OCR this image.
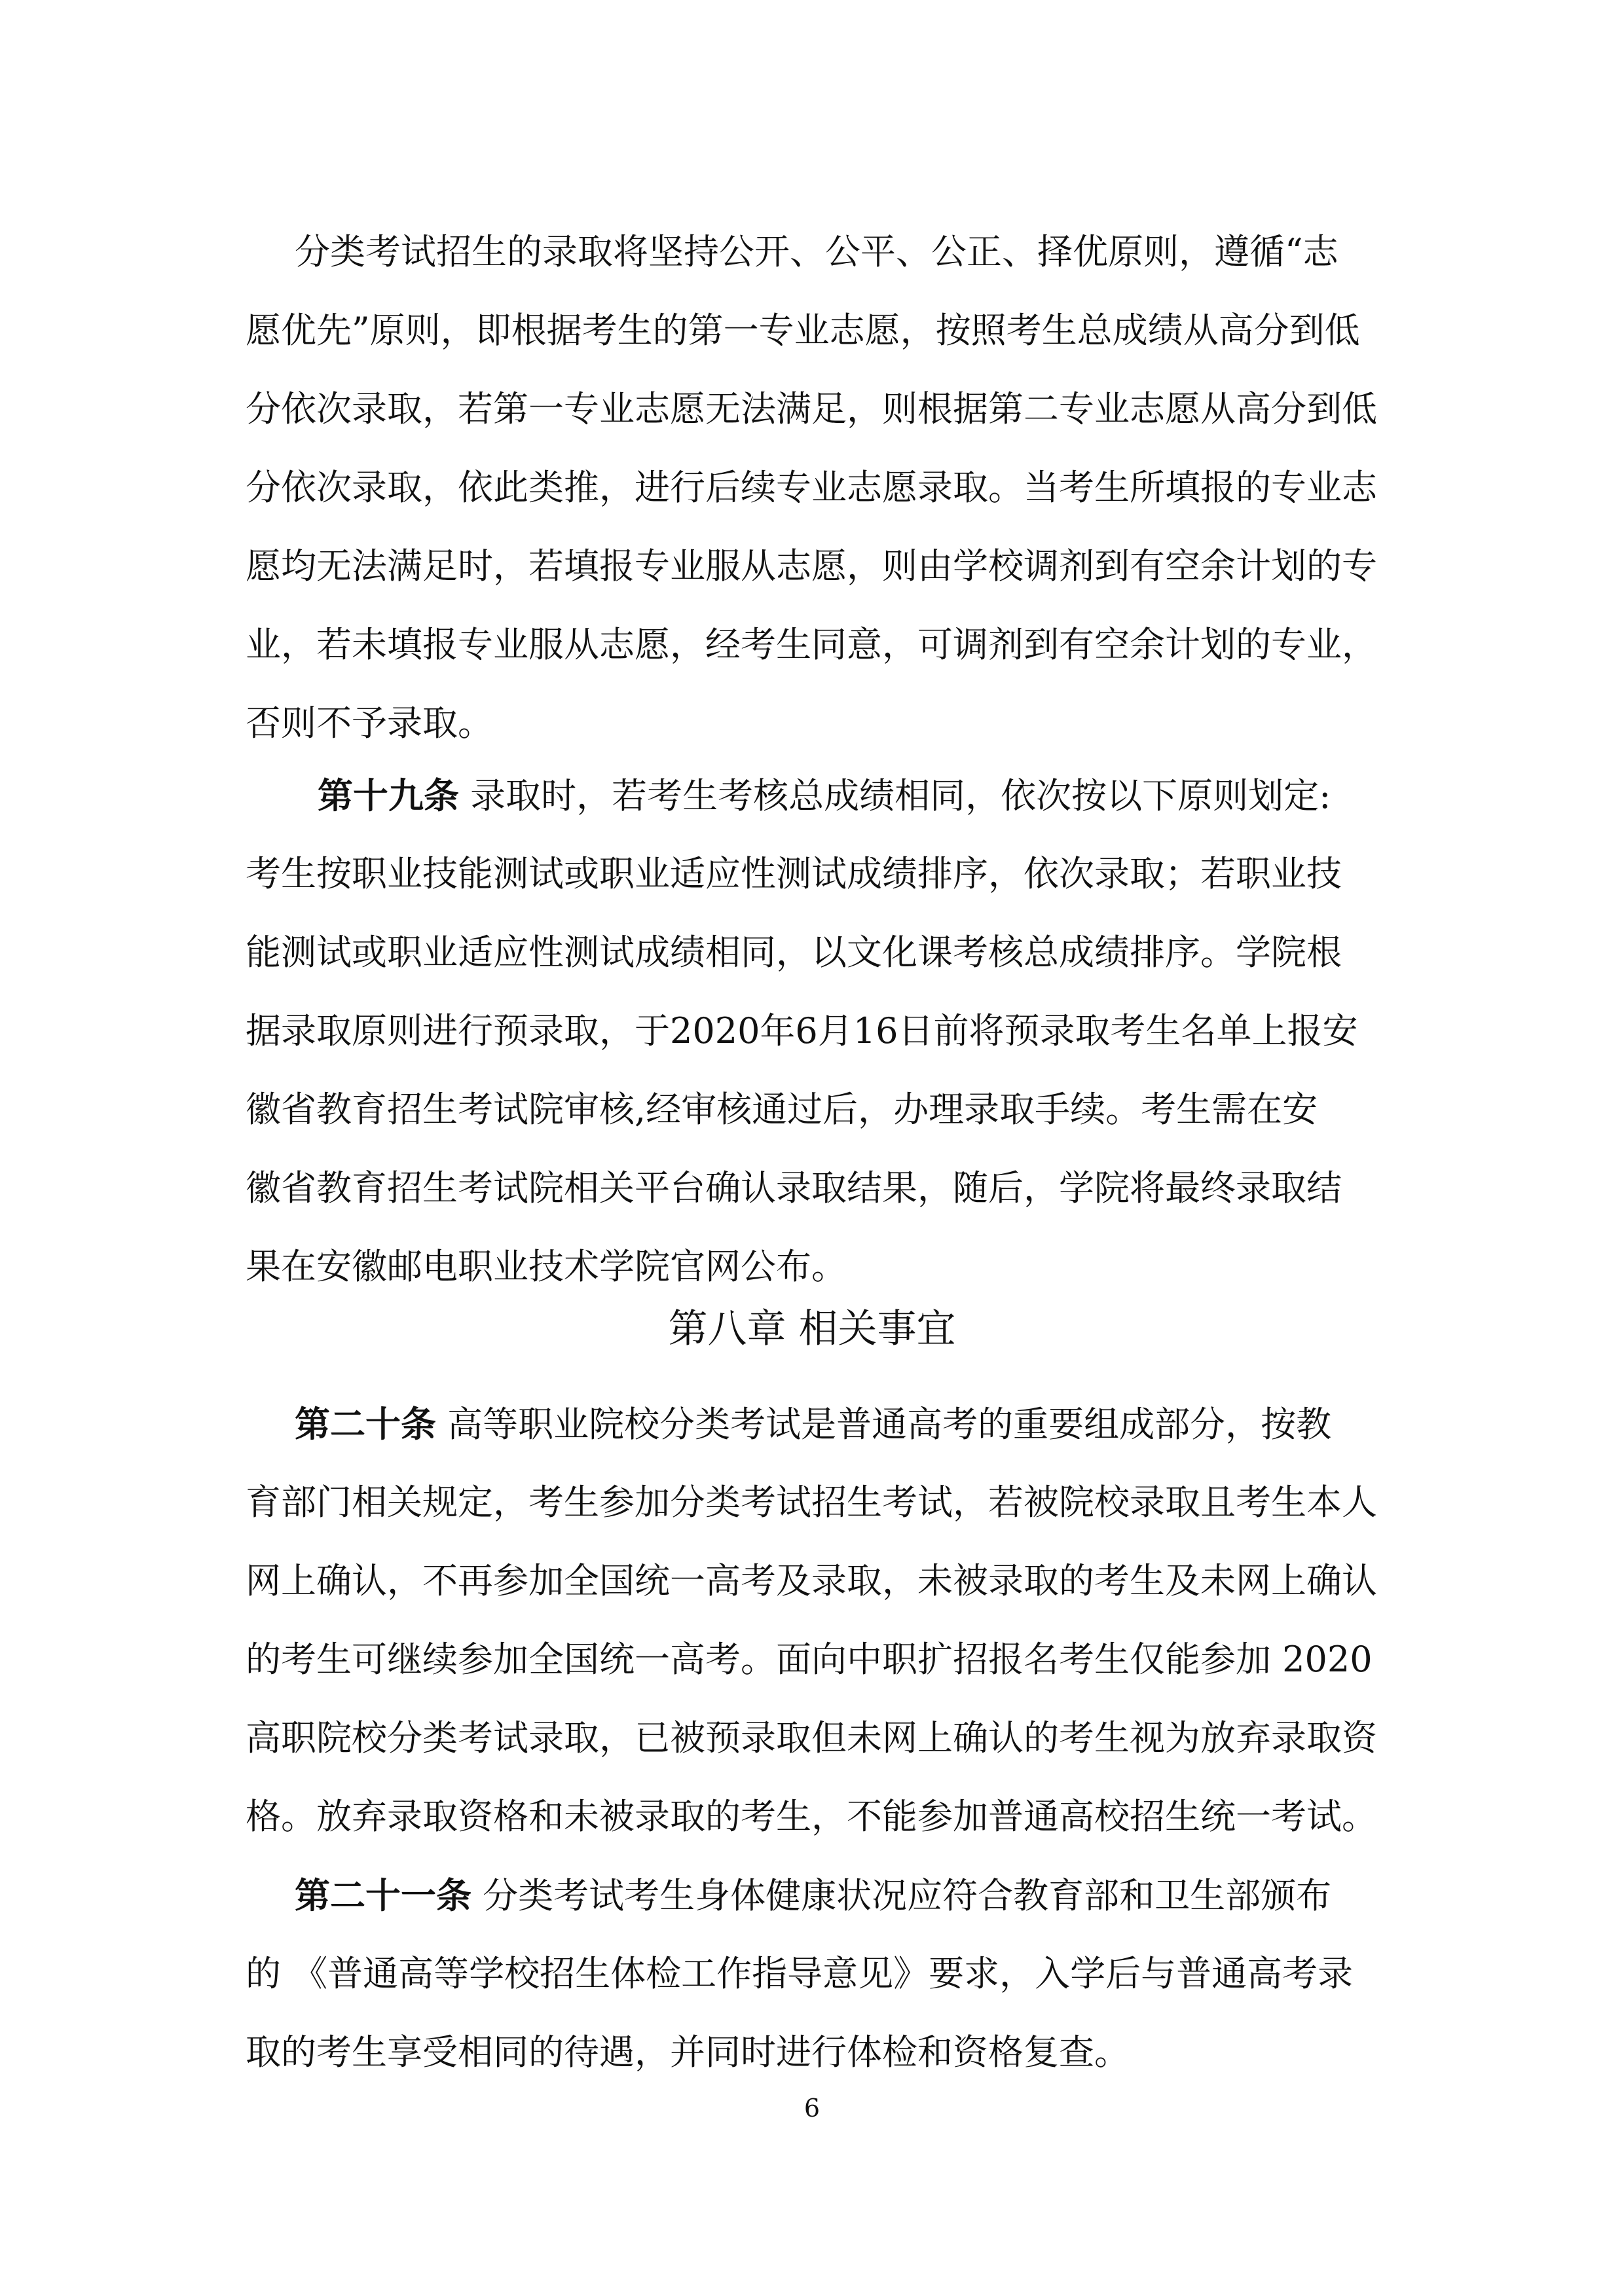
分类考试招生的录取将坚持公开、公平、公正、择优原则，遵循“志
愿优先”原则，即根据考生的第一专业志愿，按照考生总成绩从高分到低
分依次录取，若第一专业志愿无法满足，则根据第二专业志愿从高分到低
分依次录取，依此类推，进行后续专业志愿录取。当考生所填报的专业志
愿均无法满足时，若填报专业服从志愿，则由学校调剂到有空余计划的专
业，若未填报专业服从志愿，经考生同意，可调剂到有空余计划的专业，
否则不予录取。
第十九条 录取时，若考生考核总成绩相同，依次按以下原则划定:
考生按职业技能测试或职业适应性测试成绩排序，依次录取；若职业技
能测试或职业适应性测试成绩相同，以文化课考核总成绩排序。学院根
据录取原则进行预录取，于2020年6月16日前将预录取考生名单上报安
徽省教育招生考试院审核,经审核通过后，办理录取手续。考生需在安
徽省教育招生考试院相关平台确认录取结果，随后，学院将最终录取结
果在安徽邮电职业技术学院官网公布。
第八章 相关事宜
第二十条 高等职业院校分类考试是普通高考的重要组成部分，按教
育部门相关规定，考生参加分类考试招生考试，若被院校录取且考生本人
网上确认，不再参加全国统一高考及录取，未被录取的考生及未网上确认
的考生可继续参加全国统一高考。面向中职扩招报名考生仅能参加 2020
高职院校分类考试录取，已被预录取但未网上确认的考生视为放弃录取资
格。放弃录取资格和未被录取的考生，不能参加普通高校招生统一考试。
第二十一条 分类考试考生身体健康状况应符合教育部和卫生部颁布
的 《普通高等学校招生体检工作指导意见》要求，入学后与普通高考录
取的考生享受相同的待遇，并同时进行体检和资格复查。
6
